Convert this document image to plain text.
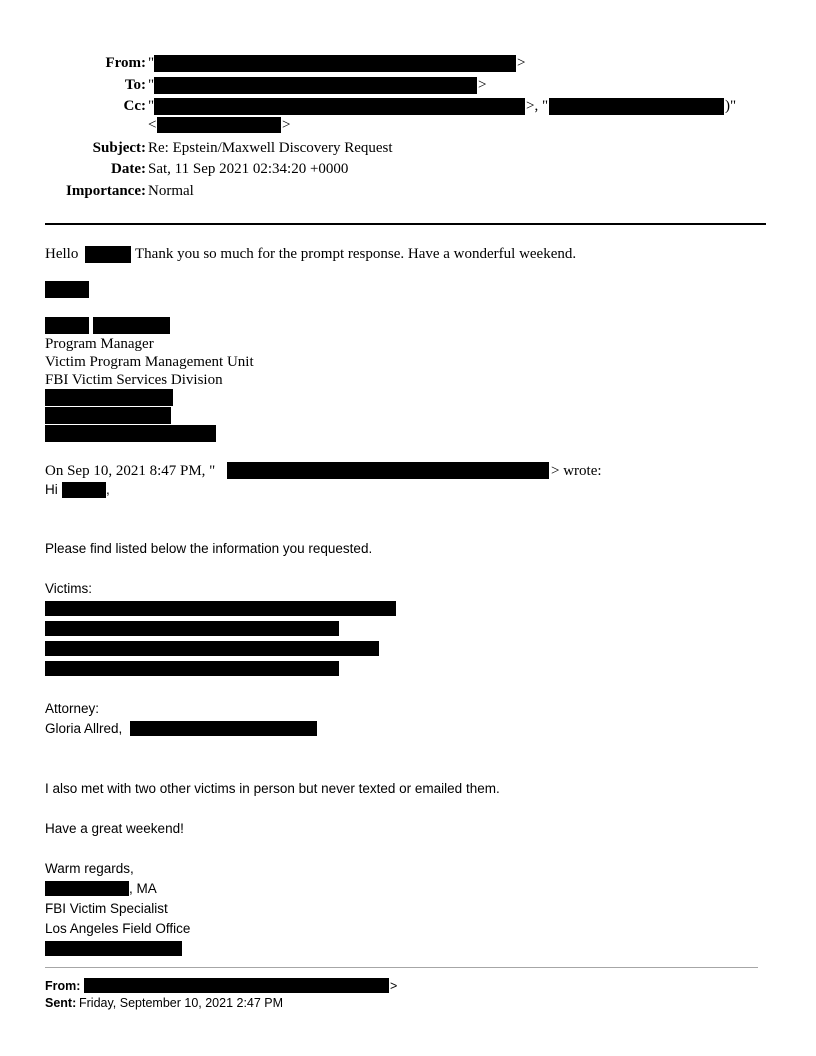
From: "	>
To: "	>
Cc: "	>, "	)"
<	>
Subject: Re: Epstein/Maxwell Discovery Request
Date: Sat, 11 Sep 2021 02:34:20 +0000
Importance: Normal
Hello	Thank you so much for the prompt response. Have a wonderful weekend.
Program Manager
Victim Program Management Unit
FBI Victim Services Division
On Sep 10, 2021 8:47 PM, "	> wrote:
Hi	,
Please find listed below the information you requested.
Victims:
Attorney:
Gloria Allred,
I also met with two other victims in person but never texted or emailed them.
Have a great weekend!
Warm regards,
, MA
FBI Victim Specialist
Los Angeles Field Office
From:	>
Sent: Friday, September 10, 2021 2:47 PM
